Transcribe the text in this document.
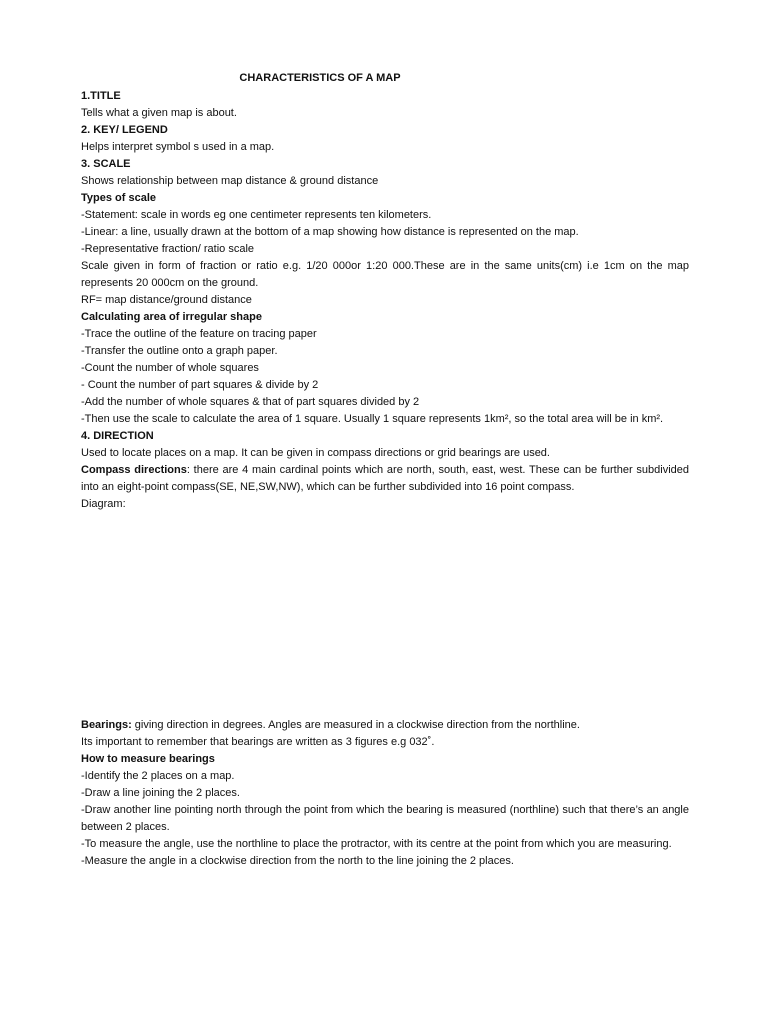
CHARACTERISTICS OF A MAP

1.TITLE

Tells what a given map is about.

2. KEY/ LEGEND

Helps interpret symbol s used in a map.

3. SCALE

Shows relationship between map distance & ground distance

Types of scale

-Statement: scale in words eg one centimeter represents ten kilometers.

-Linear: a line, usually drawn at the bottom of a map showing how distance is represented on the map.

-Representative fraction/ ratio scale

Scale given in form of fraction or ratio e.g. 1/20 000or 1:20 000.These are in the same units(cm) i.e 1cm on the map represents 20 000cm on the ground.

RF= map distance/ground distance

Calculating area of irregular shape

-Trace the outline of the feature on tracing paper

-Transfer the outline onto a graph paper.

-Count the number of whole squares

- Count the number of part squares & divide by 2

-Add the number of whole squares & that of part squares divided by 2

-Then use the scale to calculate the area of 1 square. Usually 1 square represents 1km², so the total area will be in km².

4. DIRECTION

Used to locate places on a map. It can be given in compass directions or grid bearings are used.

Compass directions: there are 4 main cardinal points which are north, south, east, west. These can be further subdivided into an eight-point compass(SE, NE,SW,NW), which can be further subdivided into 16 point compass.

Diagram:

Bearings: giving direction in degrees. Angles are measured in a clockwise direction from the northline.

Its important to remember that bearings are written as 3 figures e.g 032˚.

How to measure bearings

-Identify the 2 places on a map.

-Draw a line joining the 2 places.

-Draw another line pointing north through the point from which the bearing is measured (northline) such that there’s an angle between 2 places.

-To measure the angle, use the northline to place the protractor, with its centre at the point from which you are measuring.

-Measure the angle in a clockwise direction from the north to the line joining the 2 places.
